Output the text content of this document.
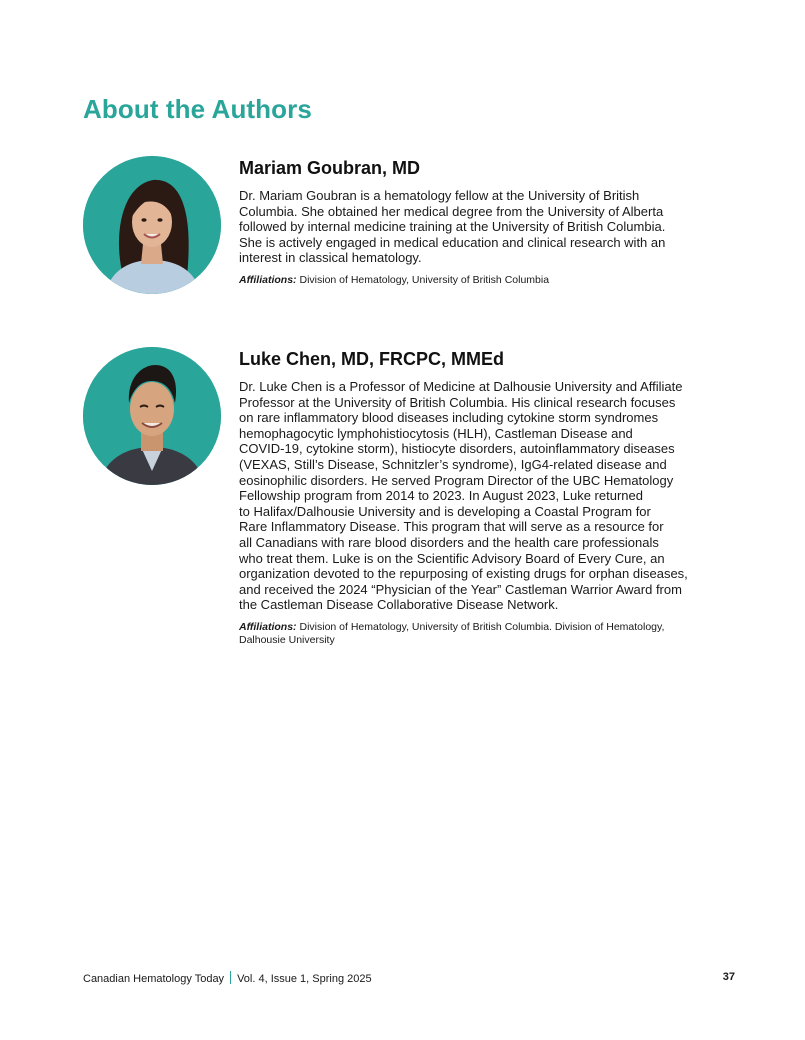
About the Authors
Mariam Goubran, MD
Dr. Mariam Goubran is a hematology fellow at the University of British
Columbia. She obtained her medical degree from the University of Alberta
followed by internal medicine training at the University of British Columbia.
She is actively engaged in medical education and clinical research with an
interest in classical hematology.
Affiliations: Division of Hematology, University of British Columbia
Luke Chen, MD, FRCPC, MMEd
Dr. Luke Chen is a Professor of Medicine at Dalhousie University and Affiliate
Professor at the University of British Columbia. His clinical research focuses
on rare inflammatory blood diseases including cytokine storm syndromes
hemophagocytic lymphohistiocytosis (HLH), Castleman Disease and
COVID-19, cytokine storm), histiocyte disorders, autoinflammatory diseases
(VEXAS, Still’s Disease, Schnitzler’s syndrome), IgG4-related disease and
eosinophilic disorders. He served Program Director of the UBC Hematology
Fellowship program from 2014 to 2023. In August 2023, Luke returned
to Halifax/Dalhousie University and is developing a Coastal Program for
Rare Inflammatory Disease. This program that will serve as a resource for
all Canadians with rare blood disorders and the health care professionals
who treat them. Luke is on the Scientific Advisory Board of Every Cure, an
organization devoted to the repurposing of existing drugs for orphan diseases,
and received the 2024 “Physician of the Year” Castleman Warrior Award from
the Castleman Disease Collaborative Disease Network.
Affiliations: Division of Hematology, University of British Columbia. Division of Hematology,
Dalhousie University
Canadian Hematology Today Vol. 4, Issue 1, Spring 2025	37
